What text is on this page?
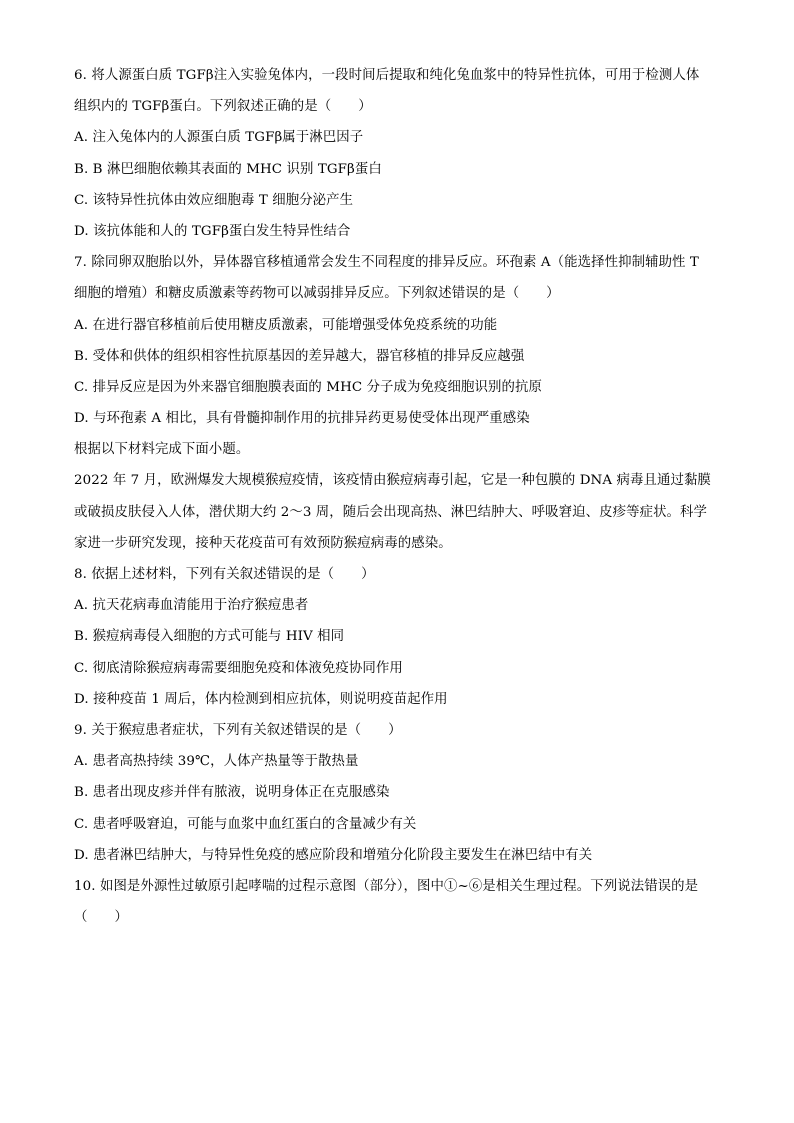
6. 将人源蛋白质 TGFβ注入实验兔体内，一段时间后提取和纯化兔血浆中的特异性抗体，可用于检测人体
组织内的 TGFβ蛋白。下列叙述正确的是（　　）
A. 注入兔体内的人源蛋白质 TGFβ属于淋巴因子
B. B 淋巴细胞依赖其表面的 MHC 识别 TGFβ蛋白
C. 该特异性抗体由效应细胞毒 T 细胞分泌产生
D. 该抗体能和人的 TGFβ蛋白发生特异性结合
7. 除同卵双胞胎以外，异体器官移植通常会发生不同程度的排异反应。环孢素 A（能选择性抑制辅助性 T
细胞的增殖）和糖皮质激素等药物可以减弱排异反应。下列叙述错误的是（　　）
A. 在进行器官移植前后使用糖皮质激素，可能增强受体免疫系统的功能
B. 受体和供体的组织相容性抗原基因的差异越大，器官移植的排异反应越强
C. 排异反应是因为外来器官细胞膜表面的 MHC 分子成为免疫细胞识别的抗原
D. 与环孢素 A 相比，具有骨髓抑制作用的抗排异药更易使受体出现严重感染
根据以下材料完成下面小题。
2022 年 7 月，欧洲爆发大规模猴痘疫情，该疫情由猴痘病毒引起，它是一种包膜的 DNA 病毒且通过黏膜
或破损皮肤侵入人体，潜伏期大约 2～3 周，随后会出现高热、淋巴结肿大、呼吸窘迫、皮疹等症状。科学
家进一步研究发现，接种天花疫苗可有效预防猴痘病毒的感染。
8. 依据上述材料，下列有关叙述错误的是（　　）
A. 抗天花病毒血清能用于治疗猴痘患者
B. 猴痘病毒侵入细胞的方式可能与 HIV 相同
C. 彻底清除猴痘病毒需要细胞免疫和体液免疫协同作用
D. 接种疫苗 1 周后，体内检测到相应抗体，则说明疫苗起作用
9. 关于猴痘患者症状，下列有关叙述错误的是（　　）
A. 患者高热持续 39℃，人体产热量等于散热量
B. 患者出现皮疹并伴有脓液，说明身体正在克服感染
C. 患者呼吸窘迫，可能与血浆中血红蛋白的含量减少有关
D. 患者淋巴结肿大，与特异性免疫的感应阶段和增殖分化阶段主要发生在淋巴结中有关
10. 如图是外源性过敏原引起哮喘的过程示意图（部分），图中①~⑥是相关生理过程。下列说法错误的是
（　　）
